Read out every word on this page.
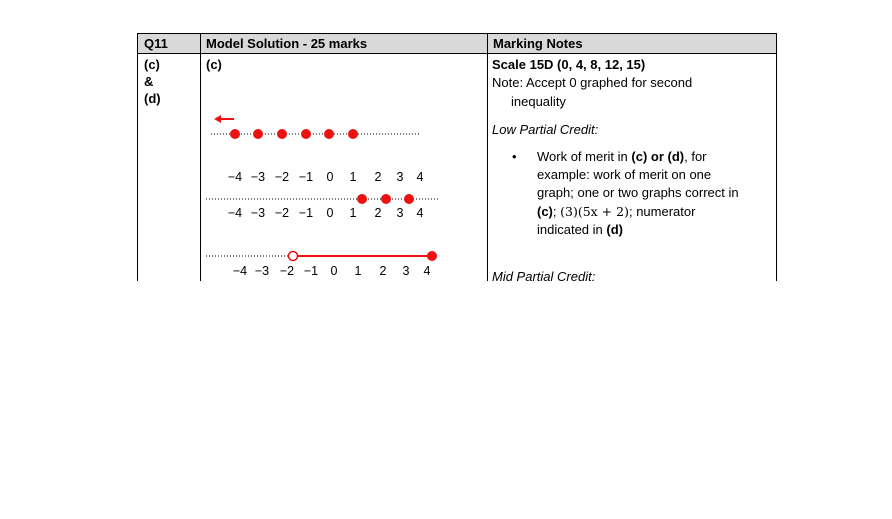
Q11	Model Solution - 25 marks	Marking Notes
(c)
&
(d)
(c)
−4 −3 −2 −1 0 1 2 3 4
−4 −3 −2 −1 0 1 2 3 4
−4 −3 −2 −1 0 1 2 3 4
Scale 15D (0, 4, 8, 12, 15)
Note: Accept 0 graphed for second
inequality
Low Partial Credit:
• Work of merit in (c) or (d), for
example: work of merit on one
graph; one or two graphs correct in
(c); (3)(5x + 2); numerator
indicated in (d)
Mid Partial Credit:
